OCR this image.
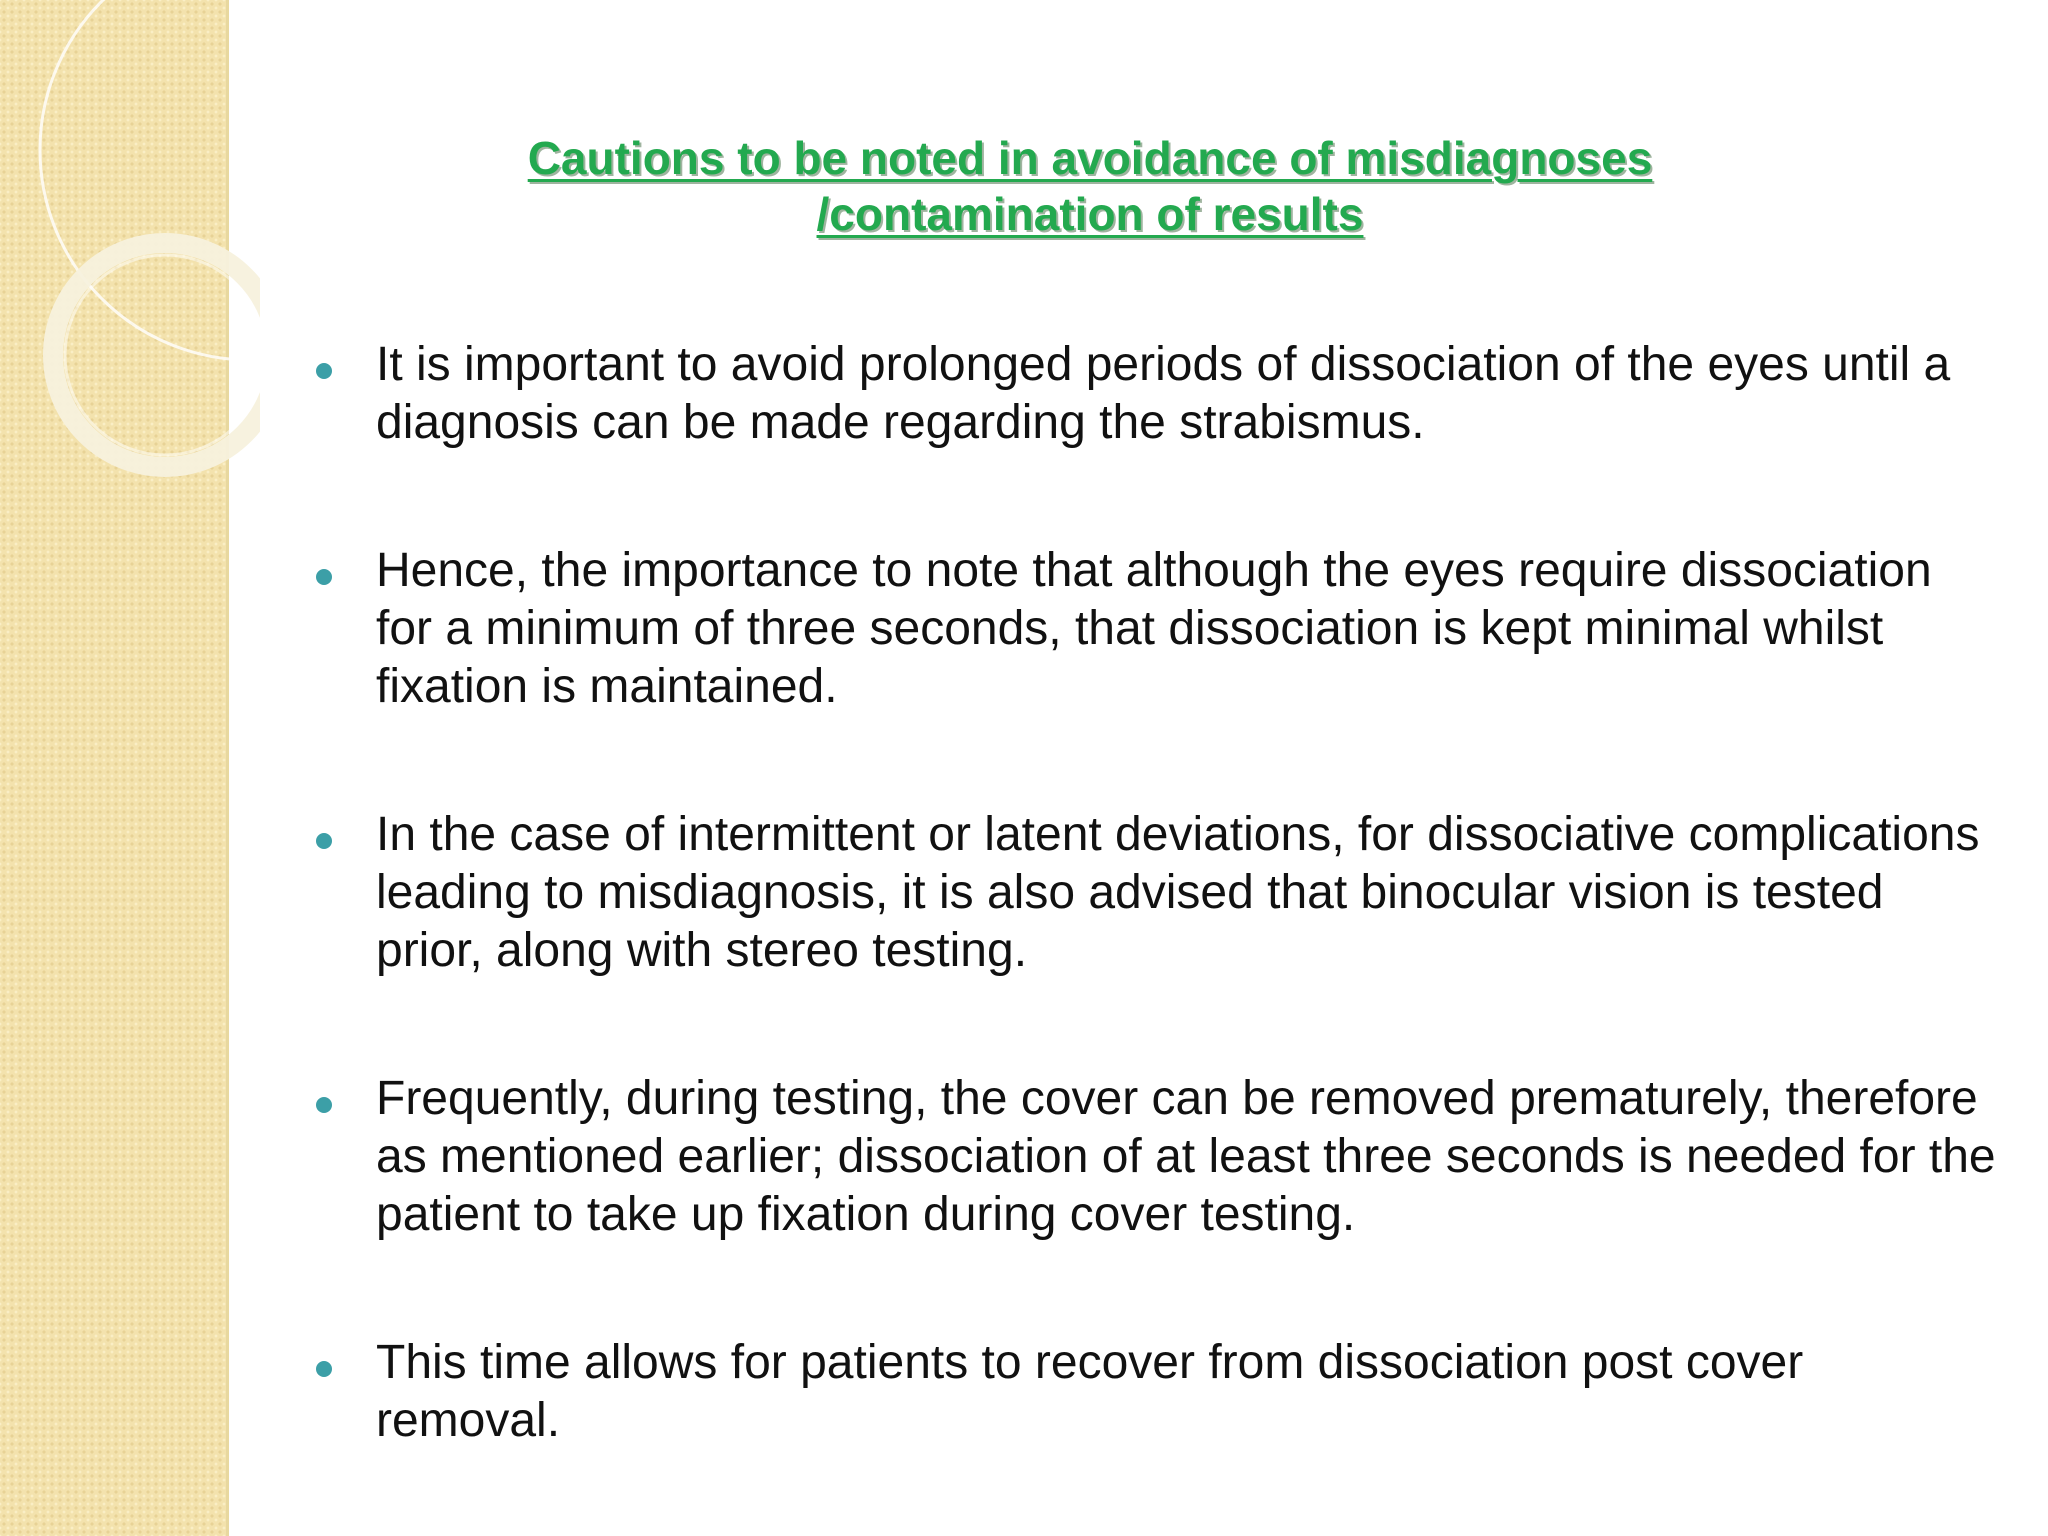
Cautions to be noted in avoidance of misdiagnoses
/contamination of results
It is important to avoid prolonged periods of dissociation of the eyes until a diagnosis can be made regarding the strabismus.
Hence, the importance to note that although the eyes require dissociation for a minimum of three seconds, that dissociation is kept minimal whilst fixation is maintained.
In the case of intermittent or latent deviations, for dissociative complications leading to misdiagnosis, it is also advised that binocular vision is tested prior, along with stereo testing.
Frequently, during testing, the cover can be removed prematurely, therefore as mentioned earlier; dissociation of at least three seconds is needed for the patient to take up fixation during cover testing.
This time allows for patients to recover from dissociation post cover removal.
